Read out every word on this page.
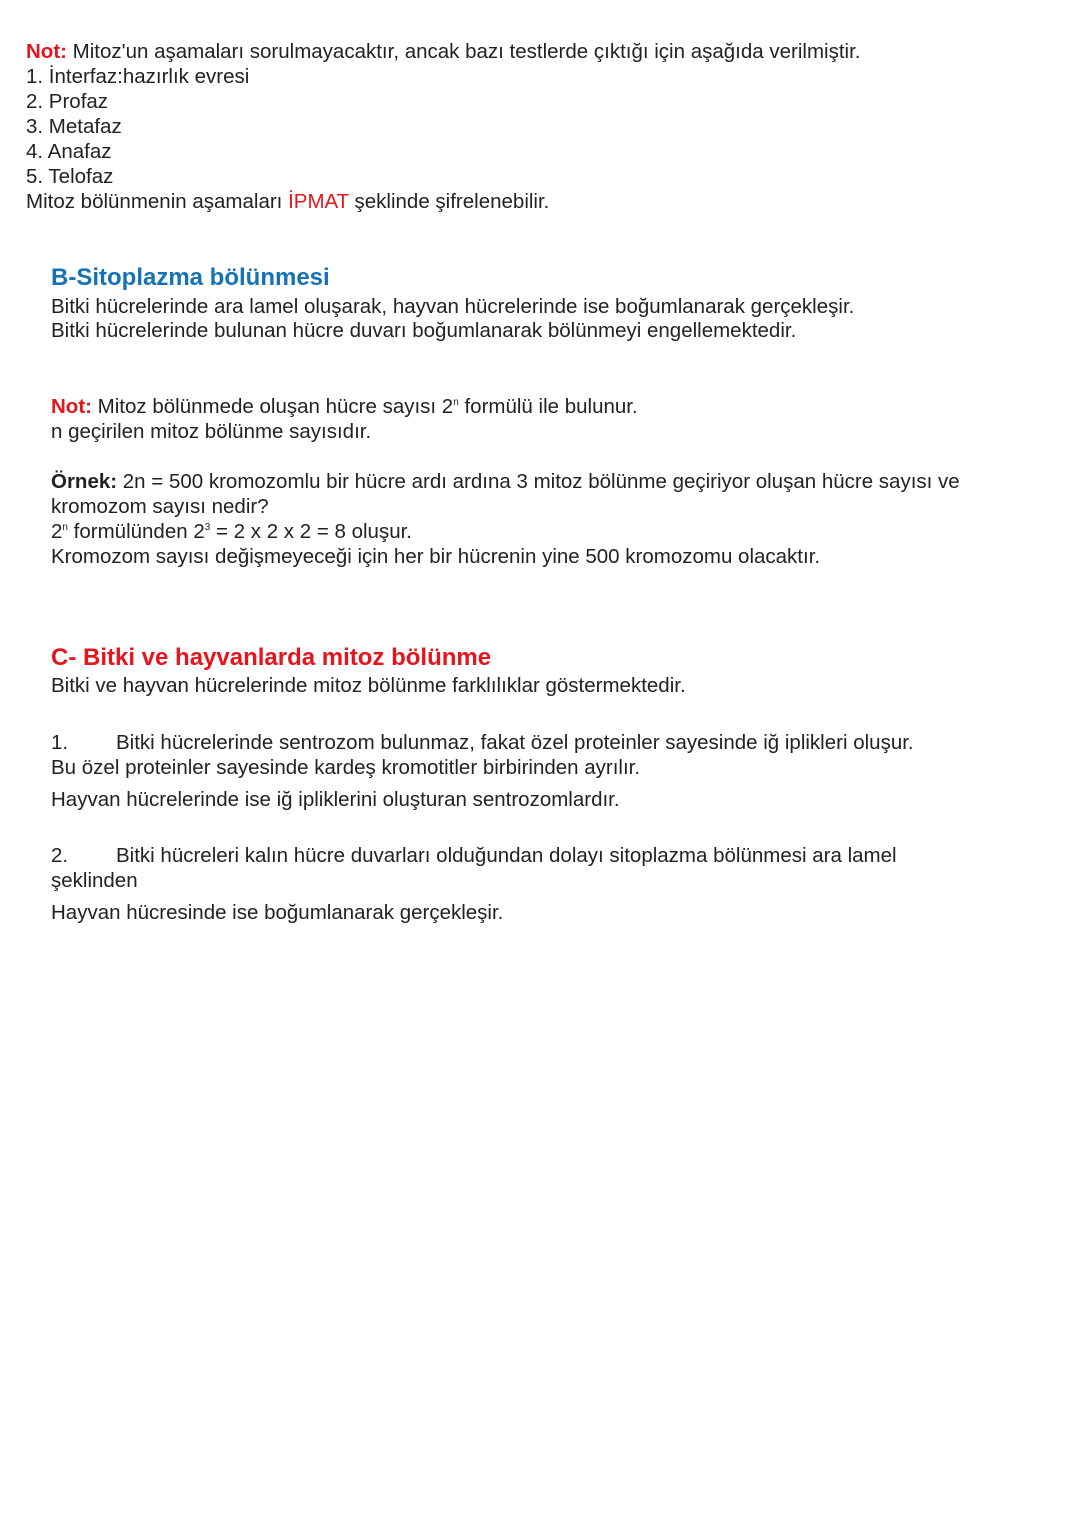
Not: Mitoz'un aşamaları sorulmayacaktır, ancak bazı testlerde çıktığı için aşağıda verilmiştir.
1. İnterfaz:hazırlık evresi
2. Profaz
3. Metafaz
4. Anafaz
5. Telofaz
Mitoz bölünmenin aşamaları İPMAT şeklinde şifrelenebilir.
B-Sitoplazma bölünmesi
Bitki hücrelerinde ara lamel oluşarak, hayvan hücrelerinde ise boğumlanarak gerçekleşir.
Bitki hücrelerinde bulunan hücre duvarı boğumlanarak bölünmeyi engellemektedir.
Not: Mitoz bölünmede oluşan hücre sayısı 2$^n$ formülü ile bulunur.
n geçirilen mitoz bölünme sayısıdır.
Örnek: 2n = 500 kromozomlu bir hücre ardı ardına 3 mitoz bölünme geçiriyor oluşan hücre sayısı ve
kromozom sayısı nedir?
2$^n$ formülünden $2^3 = 2$ x 2 x 2 = 8 oluşur.
Kromozom sayısı değişmeyeceği için her bir hücrenin yine 500 kromozomu olacaktır.
C- Bitki ve hayvanlarda mitoz bölünme
Bitki ve hayvan hücrelerinde mitoz bölünme farklılıklar göstermektedir.
1. Bitki hücrelerinde sentrozom bulunmaz, fakat özel proteinler sayesinde iğ iplikleri oluşur.
Bu özel proteinler sayesinde kardeş kromotitler birbirinden ayrılır.
Hayvan hücrelerinde ise iğ ipliklerini oluşturan sentrozomlardır.
2. Bitki hücreleri kalın hücre duvarları olduğundan dolayı sitoplazma bölünmesi ara lamel
şeklinden
Hayvan hücresinde ise boğumlanarak gerçekleşir.
